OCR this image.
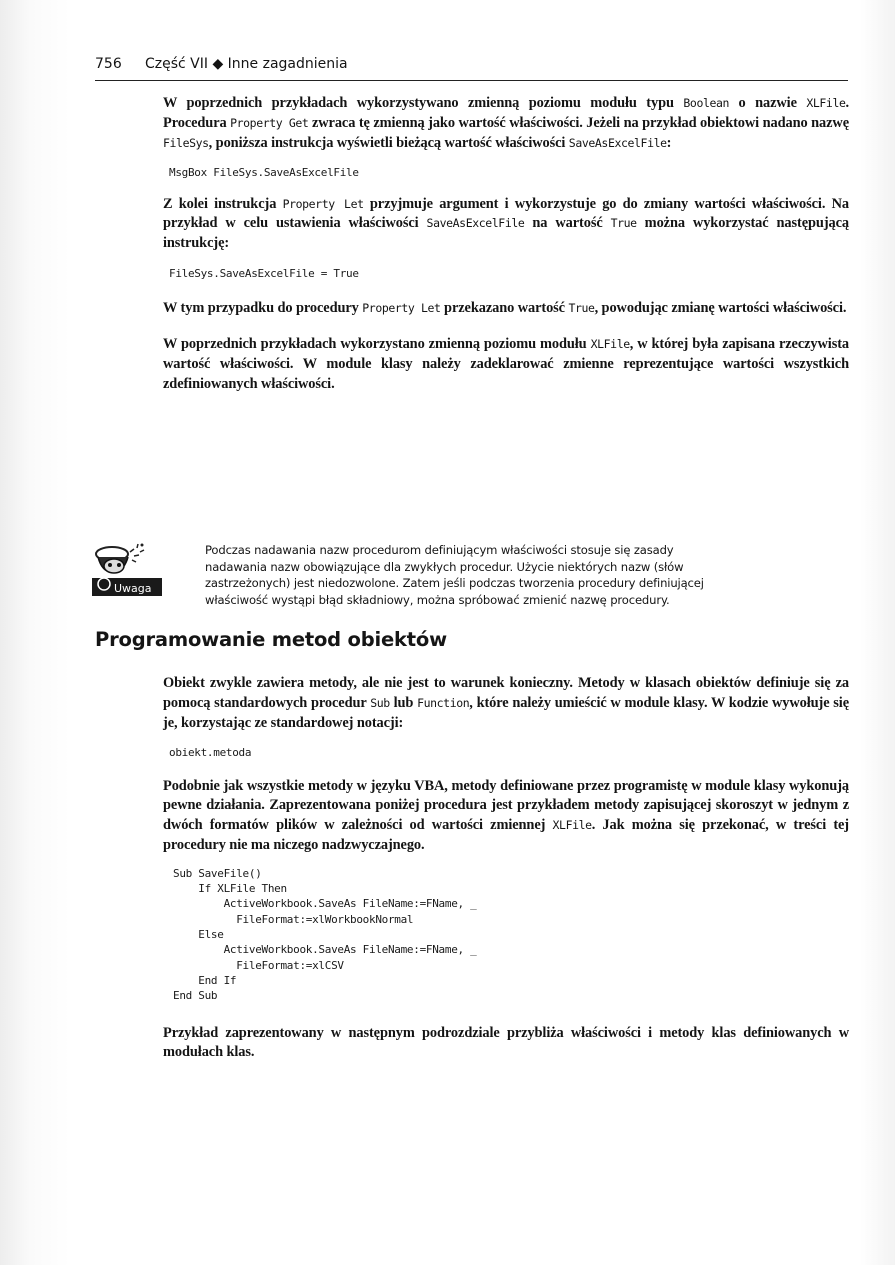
756 Część VII ◆ Inne zagadnienia

W poprzednich przykładach wykorzystywano zmienną poziomu modułu typu Boolean o nazwie XLFile. Procedura Property Get zwraca tę zmienną jako wartość właściwości. Jeżeli na przykład obiektowi nadano nazwę FileSys, poniższa instrukcja wyświetli bieżącą wartość właściwości SaveAsExcelFile:

MsgBox FileSys.SaveAsExcelFile

Z kolei instrukcja Property Let przyjmuje argument i wykorzystuje go do zmiany wartości właściwości. Na przykład w celu ustawienia właściwości SaveAsExcelFile na wartość True można wykorzystać następującą instrukcję:

FileSys.SaveAsExcelFile = True

W tym przypadku do procedury Property Let przekazano wartość True, powodując zmianę wartości właściwości.

W poprzednich przykładach wykorzystano zmienną poziomu modułu XLFile, w której była zapisana rzeczywista wartość właściwości. W module klasy należy zadeklarować zmienne reprezentujące wartości wszystkich zdefiniowanych właściwości.

Uwaga
Podczas nadawania nazw procedurom definiującym właściwości stosuje się zasady
nadawania nazw obowiązujące dla zwykłych procedur. Użycie niektórych nazw (słów
zastrzeżonych) jest niedozwolone. Zatem jeśli podczas tworzenia procedury definiującej
właściwość wystąpi błąd składniowy, można spróbować zmienić nazwę procedury.
Programowanie metod obiektów

Obiekt zwykle zawiera metody, ale nie jest to warunek konieczny. Metody w klasach obiektów definiuje się za pomocą standardowych procedur Sub lub Function, które należy umieścić w module klasy. W kodzie wywołuje się je, korzystając ze standardowej notacji:

obiekt.metoda

Podobnie jak wszystkie metody w języku VBA, metody definiowane przez programistę w module klasy wykonują pewne działania. Zaprezentowana poniżej procedura jest przykładem metody zapisującej skoroszyt w jednym z dwóch formatów plików w zależności od wartości zmiennej XLFile. Jak można się przekonać, w treści tej procedury nie ma niczego nadzwyczajnego.

Sub SaveFile()
If XLFile Then
ActiveWorkbook.SaveAs FileName:=FName, _
FileFormat:=xlWorkbookNormal
Else
ActiveWorkbook.SaveAs FileName:=FName, _
FileFormat:=xlCSV
End If
End Sub

Przykład zaprezentowany w następnym podrozdziale przybliża właściwości i metody klas definiowanych w modułach klas.
